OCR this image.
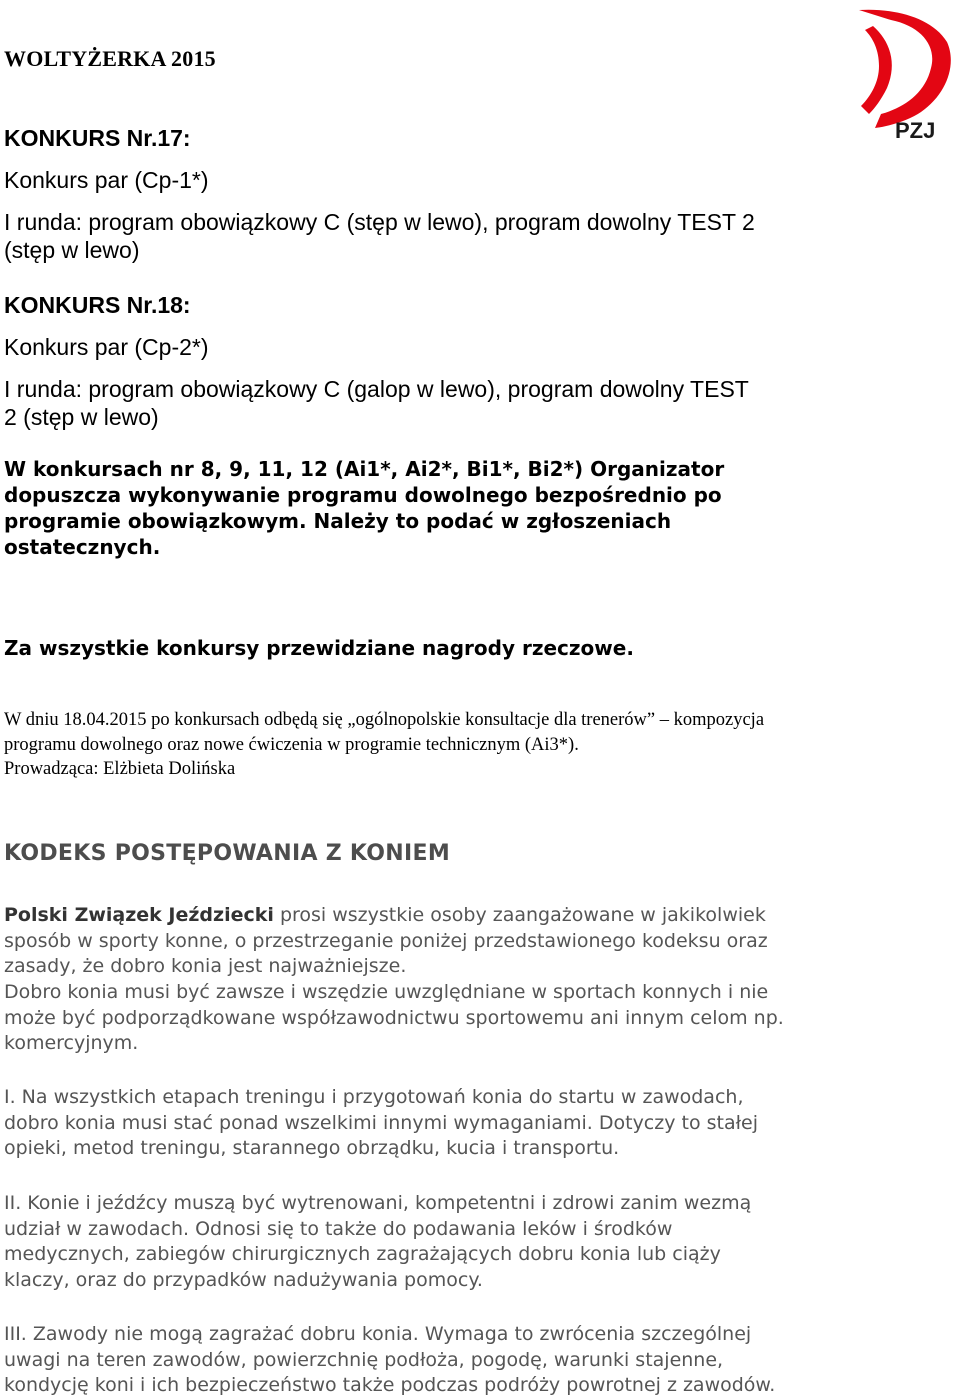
WOLTYŻERKA 2015
PZJ
KONKURS Nr.17:
Konkurs par (Cp-1*)
I runda: program obowiązkowy C (stęp w lewo), program dowolny TEST 2
(stęp w lewo)
KONKURS Nr.18:
Konkurs par (Cp-2*)
I runda: program obowiązkowy C (galop w lewo), program dowolny TEST
2 (stęp w lewo)
W konkursach nr 8, 9, 11, 12 (Ai1*, Ai2*, Bi1*, Bi2*) Organizator
dopuszcza wykonywanie programu dowolnego bezpośrednio po
programie obowiązkowym. Należy to podać w zgłoszeniach
ostatecznych.
Za wszystkie konkursy przewidziane nagrody rzeczowe.
W dniu 18.04.2015 po konkursach odbędą się „ogólnopolskie konsultacje dla trenerów” – kompozycja
programu dowolnego oraz nowe ćwiczenia w programie technicznym (Ai3*).
Prowadząca: Elżbieta Dolińska
KODEKS POSTĘPOWANIA Z KONIEM
Polski Związek Jeździecki prosi wszystkie osoby zaangażowane w jakikolwiek
sposób w sporty konne, o przestrzeganie poniżej przedstawionego kodeksu oraz
zasady, że dobro konia jest najważniejsze.
Dobro konia musi być zawsze i wszędzie uwzględniane w sportach konnych i nie
może być podporządkowane współzawodnictwu sportowemu ani innym celom np.
komercyjnym.
I. Na wszystkich etapach treningu i przygotowań konia do startu w zawodach,
dobro konia musi stać ponad wszelkimi innymi wymaganiami. Dotyczy to stałej
opieki, metod treningu, starannego obrządku, kucia i transportu.
II. Konie i jeźdźcy muszą być wytrenowani, kompetentni i zdrowi zanim wezmą
udział w zawodach. Odnosi się to także do podawania leków i środków
medycznych, zabiegów chirurgicznych zagrażających dobru konia lub ciąży
klaczy, oraz do przypadków nadużywania pomocy.
III. Zawody nie mogą zagrażać dobru konia. Wymaga to zwrócenia szczególnej
uwagi na teren zawodów, powierzchnię podłoża, pogodę, warunki stajenne,
kondycję koni i ich bezpieczeństwo także podczas podróży powrotnej z zawodów.
